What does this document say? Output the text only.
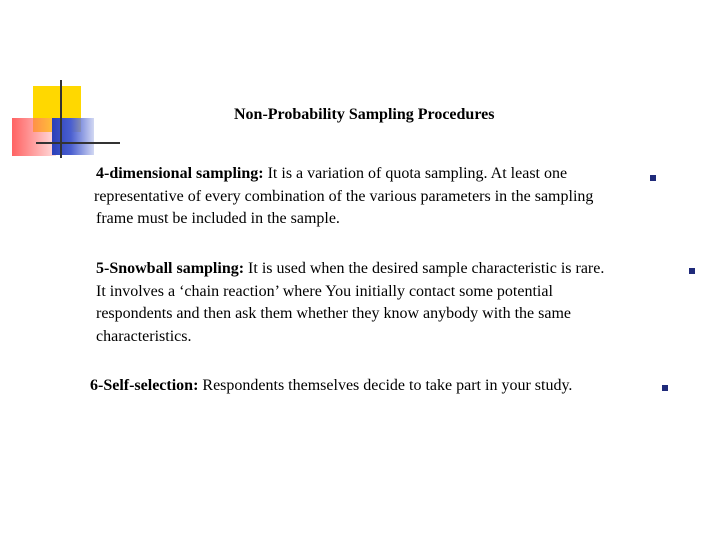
Non-Probability Sampling Procedures
4-dimensional sampling: It is a variation of quota sampling. At least one
representative of every combination of the various parameters in the sampling
frame must be included in the sample.
5-Snowball sampling: It is used when the desired sample characteristic is rare.
It involves a ‘chain reaction’ where You initially contact some potential
respondents and then ask them whether they know anybody with the same
characteristics.
6-Self-selection: Respondents themselves decide to take part in your study.
